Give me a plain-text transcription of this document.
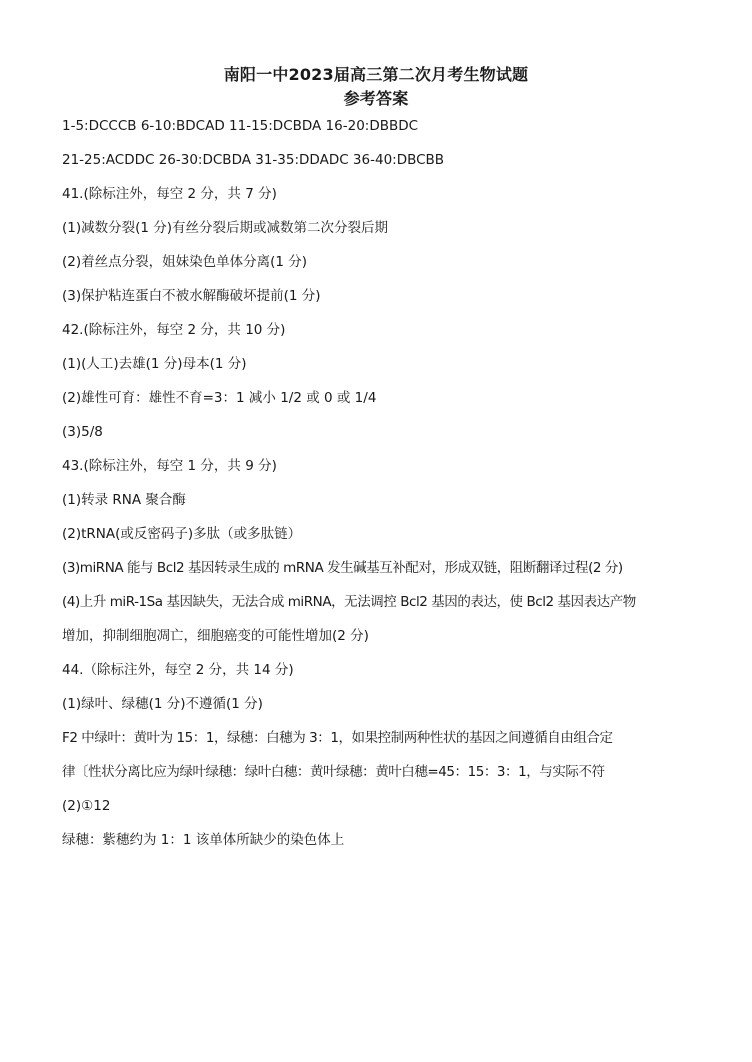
南阳一中2023届高三第二次月考生物试题
参考答案
1-5:DCCCB 6-10:BDCAD 11-15:DCBDA 16-20:DBBDC
21-25:ACDDC 26-30:DCBDA 31-35:DDADC 36-40:DBCBB
41.(除标注外，每空 2 分，共 7 分)
(1)减数分裂(1 分)有丝分裂后期或减数第二次分裂后期
(2)着丝点分裂，姐妹染色单体分离(1 分)
(3)保护粘连蛋白不被水解酶破坏提前(1 分)
42.(除标注外，每空 2 分，共 10 分)
(1)(人工)去雄(1 分)母本(1 分)
(2)雄性可育：雄性不育=3：1 减小 1/2 或 0 或 1/4
(3)5/8
43.(除标注外，每空 1 分，共 9 分)
(1)转录 RNA 聚合酶
(2)tRNA(或反密码子)多肽（或多肽链）
(3)miRNA 能与 Bcl2 基因转录生成的 mRNA 发生碱基互补配对，形成双链，阻断翻译过程(2 分)
(4)上升 miR-1Sa 基因缺失，无法合成 miRNA，无法调控 Bcl2 基因的表达，使 Bcl2 基因表达产物
增加，抑制细胞凋亡，细胞癌变的可能性增加(2 分)
44.（除标注外，每空 2 分，共 14 分)
(1)绿叶、绿穗(1 分)不遵循(1 分)
F2 中绿叶：黄叶为 15：1，绿穗：白穗为 3：1，如果控制两种性状的基因之间遵循自由组合定
律〔性状分离比应为绿叶绿穗：绿叶白穗：黄叶绿穗：黄叶白穗=45：15：3：1，与实际不符
(2)①12
绿穗：紫穗约为 1：1 该单体所缺少的染色体上
